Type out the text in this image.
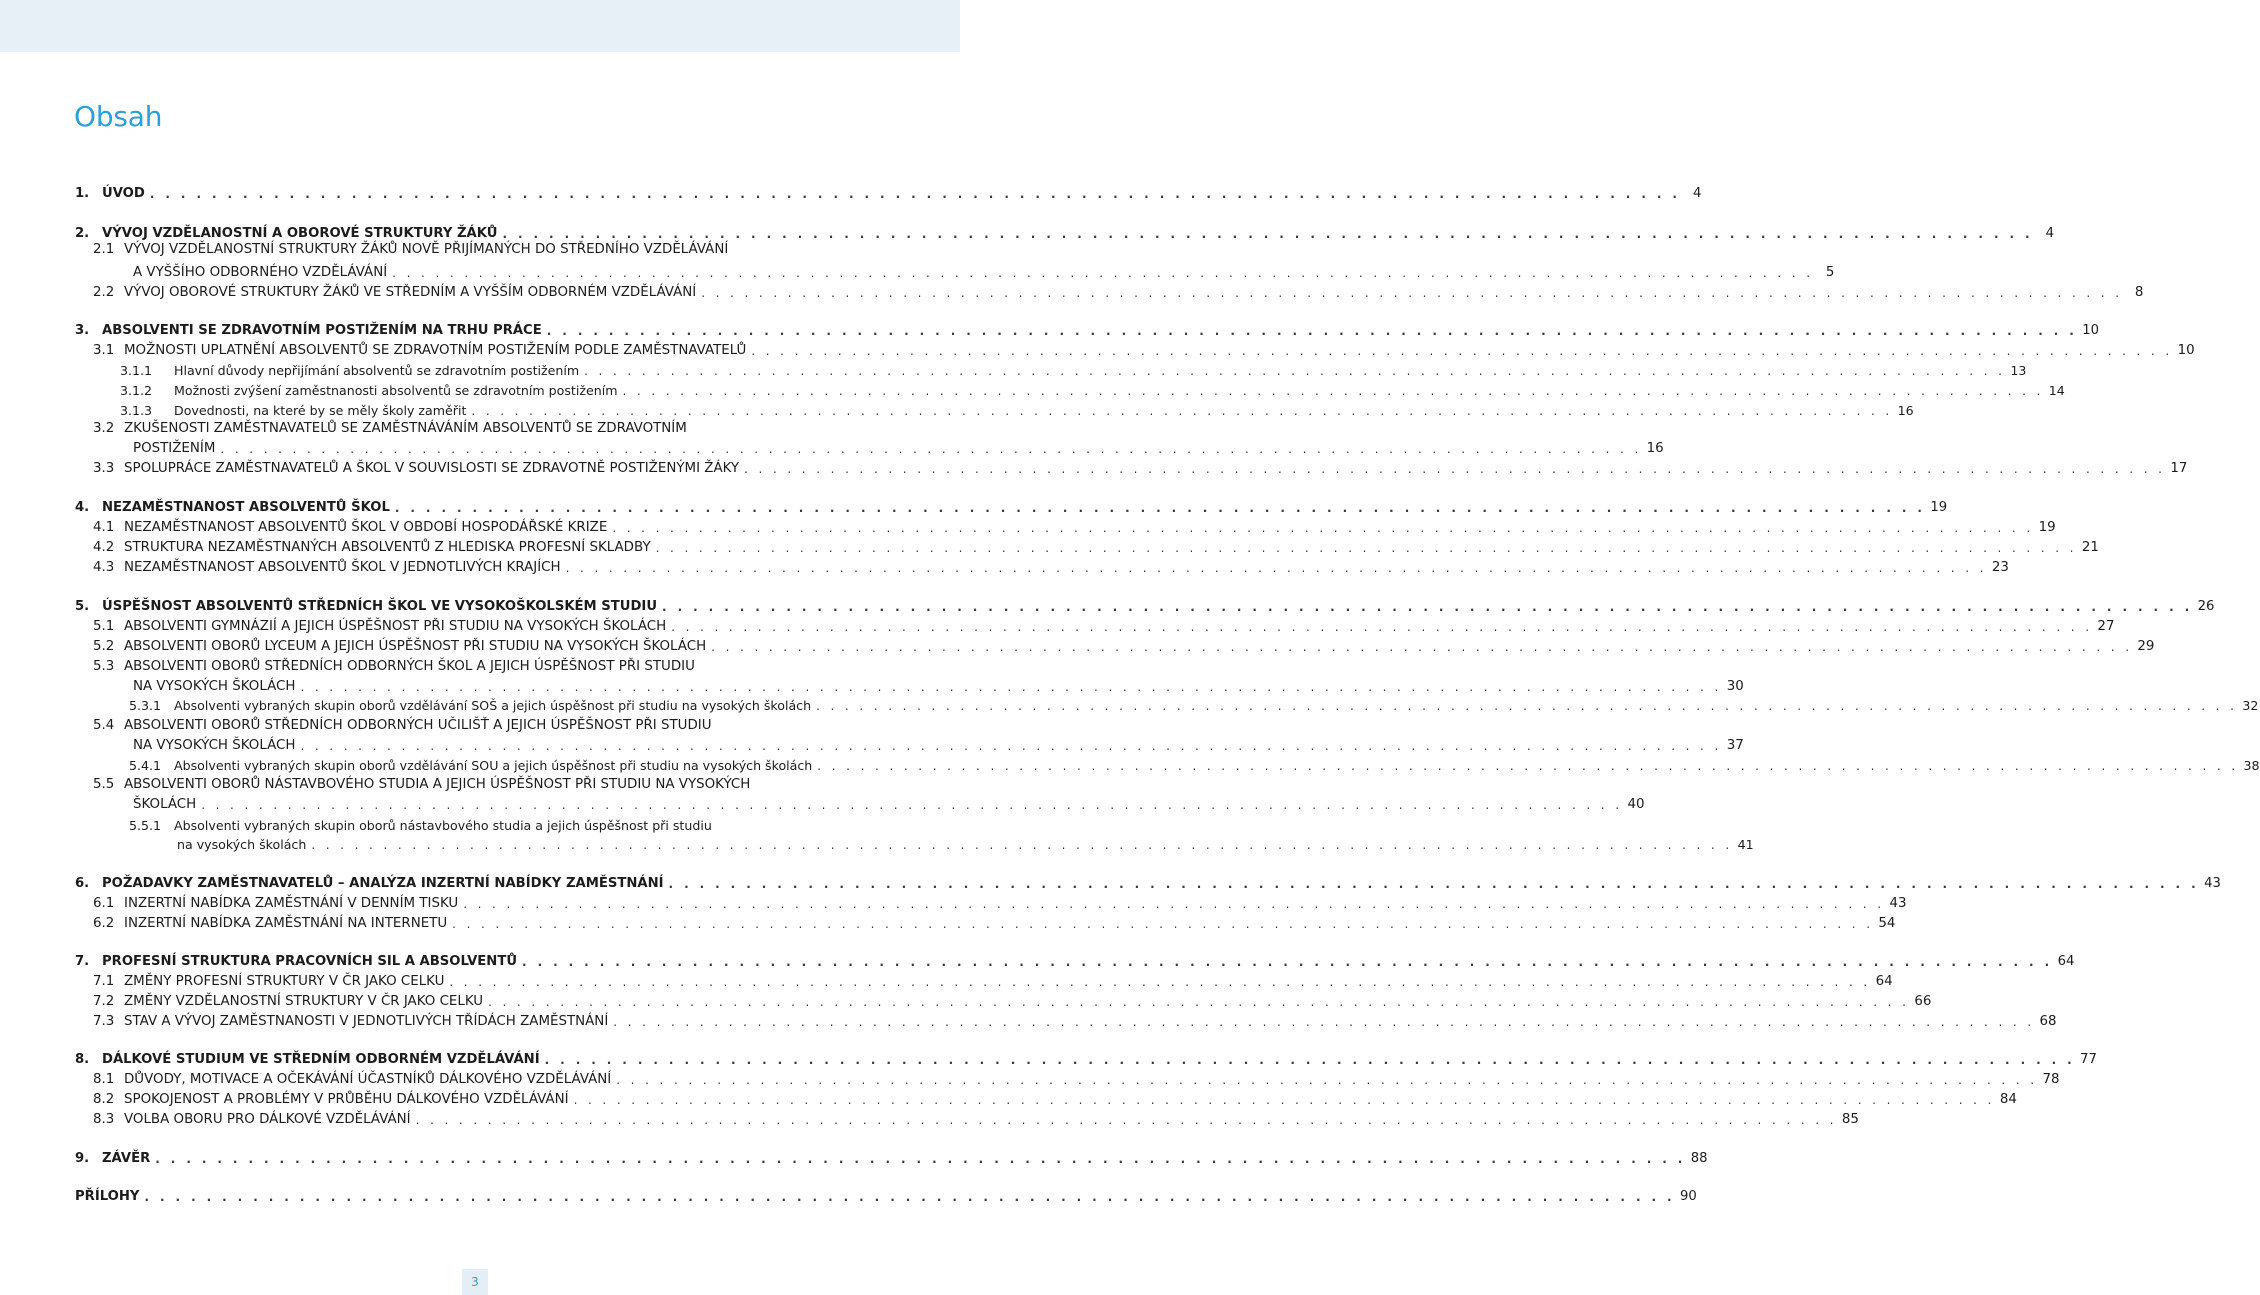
Obsah
1. ÚVOD . . . . . . . . . . . . . . . . . . . . . . . . . . . . . . . . . . . . . . . . . . . . . . . . . . . . . . . . . . . . . . . . . . . . . . . . . . . . . . . . . . . . . . . . . . . . . . . . . . . 4
2. VÝVOJ VZDĚLANOSTNÍ A OBOROVÉ STRUKTURY ŽÁKŮ . . . . . . . . . . . . . . . . . . . . . . . . . . . . . . . . . . . . . . . . . . . . . . . . . . . . . . . . . . . . . . . . . . . . . . . . . . . . . . . . . . . . . . . . . . . . . . . . . . . 4
2.1 VÝVOJ VZDĚLANOSTNÍ STRUKTURY ŽÁKŮ NOVĚ PŘIJÍMANÝCH DO STŘEDNÍHO VZDĚLÁVÁNÍ
A VYŠŠÍHO ODBORNÉHO VZDĚLÁVÁNÍ . . . . . . . . . . . . . . . . . . . . . . . . . . . . . . . . . . . . . . . . . . . . . . . . . . . . . . . . . . . . . . . . . . . . . . . . . . . . . . . . . . . . . . . . . . . . . . . . . . . 5
2.2 VÝVOJ OBOROVÉ STRUKTURY ŽÁKŮ VE STŘEDNÍM A VYŠŠÍM ODBORNÉM VZDĚLÁVÁNÍ . . . . . . . . . . . . . . . . . . . . . . . . . . . . . . . . . . . . . . . . . . . . . . . . . . . . . . . . . . . . . . . . . . . . . . . . . . . . . . . . . . . . . . . . . . . . . . . . . . . 8
3. ABSOLVENTI SE ZDRAVOTNÍM POSTIŽENÍM NA TRHU PRÁCE . . . . . . . . . . . . . . . . . . . . . . . . . . . . . . . . . . . . . . . . . . . . . . . . . . . . . . . . . . . . . . . . . . . . . . . . . . . . . . . . . . . . . . . . . . . . . . . . . . . 10
3.1 MOŽNOSTI UPLATNĚNÍ ABSOLVENTŮ SE ZDRAVOTNÍM POSTIŽENÍM PODLE ZAMĚSTNAVATELŮ . . . . . . . . . . . . . . . . . . . . . . . . . . . . . . . . . . . . . . . . . . . . . . . . . . . . . . . . . . . . . . . . . . . . . . . . . . . . . . . . . . . . . . . . . . . . . . . . . . . 10
3.1.1	Hlavní důvody nepřijímání absolventů se zdravotním postižením . . . . . . . . . . . . . . . . . . . . . . . . . . . . . . . . . . . . . . . . . . . . . . . . . . . . . . . . . . . . . . . . . . . . . . . . . . . . . . . . . . . . . . . . . . . . . . . . . . . 13
3.1.2	Možnosti zvýšení zaměstnanosti absolventů se zdravotním postižením . . . . . . . . . . . . . . . . . . . . . . . . . . . . . . . . . . . . . . . . . . . . . . . . . . . . . . . . . . . . . . . . . . . . . . . . . . . . . . . . . . . . . . . . . . . . . . . . . . . 14
3.1.3	Dovednosti, na které by se měly školy zaměřit . . . . . . . . . . . . . . . . . . . . . . . . . . . . . . . . . . . . . . . . . . . . . . . . . . . . . . . . . . . . . . . . . . . . . . . . . . . . . . . . . . . . . . . . . . . . . . . . . . . 16
3.2 ZKUŠENOSTI ZAMĚSTNAVATELŮ SE ZAMĚSTNÁVÁNÍM ABSOLVENTŮ SE ZDRAVOTNÍM
POSTIŽENÍM . . . . . . . . . . . . . . . . . . . . . . . . . . . . . . . . . . . . . . . . . . . . . . . . . . . . . . . . . . . . . . . . . . . . . . . . . . . . . . . . . . . . . . . . . . . . . . . . . . . 16
3.3 SPOLUPRÁCE ZAMĚSTNAVATELŮ A ŠKOL V SOUVISLOSTI SE ZDRAVOTNĚ POSTIŽENÝMI ŽÁKY . . . . . . . . . . . . . . . . . . . . . . . . . . . . . . . . . . . . . . . . . . . . . . . . . . . . . . . . . . . . . . . . . . . . . . . . . . . . . . . . . . . . . . . . . . . . . . . . . . . 17
4. NEZAMĚSTNANOST ABSOLVENTŮ ŠKOL . . . . . . . . . . . . . . . . . . . . . . . . . . . . . . . . . . . . . . . . . . . . . . . . . . . . . . . . . . . . . . . . . . . . . . . . . . . . . . . . . . . . . . . . . . . . . . . . . . . 19
4.1 NEZAMĚSTNANOST ABSOLVENTŮ ŠKOL V OBDOBÍ HOSPODÁŘSKÉ KRIZE . . . . . . . . . . . . . . . . . . . . . . . . . . . . . . . . . . . . . . . . . . . . . . . . . . . . . . . . . . . . . . . . . . . . . . . . . . . . . . . . . . . . . . . . . . . . . . . . . . . 19
4.2 STRUKTURA NEZAMĚSTNANÝCH ABSOLVENTŮ Z HLEDISKA PROFESNÍ SKLADBY . . . . . . . . . . . . . . . . . . . . . . . . . . . . . . . . . . . . . . . . . . . . . . . . . . . . . . . . . . . . . . . . . . . . . . . . . . . . . . . . . . . . . . . . . . . . . . . . . . . 21
4.3 NEZAMĚSTNANOST ABSOLVENTŮ ŠKOL V JEDNOTLIVÝCH KRAJÍCH . . . . . . . . . . . . . . . . . . . . . . . . . . . . . . . . . . . . . . . . . . . . . . . . . . . . . . . . . . . . . . . . . . . . . . . . . . . . . . . . . . . . . . . . . . . . . . . . . . . 23
5. ÚSPĚŠNOST ABSOLVENTŮ STŘEDNÍCH ŠKOL VE VYSOKOŠKOLSKÉM STUDIU . . . . . . . . . . . . . . . . . . . . . . . . . . . . . . . . . . . . . . . . . . . . . . . . . . . . . . . . . . . . . . . . . . . . . . . . . . . . . . . . . . . . . . . . . . . . . . . . . . . 26
5.1 ABSOLVENTI GYMNÁZIÍ A JEJICH ÚSPĚŠNOST PŘI STUDIU NA VYSOKÝCH ŠKOLÁCH . . . . . . . . . . . . . . . . . . . . . . . . . . . . . . . . . . . . . . . . . . . . . . . . . . . . . . . . . . . . . . . . . . . . . . . . . . . . . . . . . . . . . . . . . . . . . . . . . . . 27
5.2 ABSOLVENTI OBORŮ LYCEUM A JEJICH ÚSPĚŠNOST PŘI STUDIU NA VYSOKÝCH ŠKOLÁCH . . . . . . . . . . . . . . . . . . . . . . . . . . . . . . . . . . . . . . . . . . . . . . . . . . . . . . . . . . . . . . . . . . . . . . . . . . . . . . . . . . . . . . . . . . . . . . . . . . . 29
5.3 ABSOLVENTI OBORŮ STŘEDNÍCH ODBORNÝCH ŠKOL A JEJICH ÚSPĚŠNOST PŘI STUDIU
NA VYSOKÝCH ŠKOLÁCH . . . . . . . . . . . . . . . . . . . . . . . . . . . . . . . . . . . . . . . . . . . . . . . . . . . . . . . . . . . . . . . . . . . . . . . . . . . . . . . . . . . . . . . . . . . . . . . . . . . 30
5.3.1	Absolventi vybraných skupin oborů vzdělávání SOŠ a jejich úspěšnost při studiu na vysokých školách . . . . . . . . . . . . . . . . . . . . . . . . . . . . . . . . . . . . . . . . . . . . . . . . . . . . . . . . . . . . . . . . . . . . . . . . . . . . . . . . . . . . . . . . . . . . . . . . . . . 32
5.4 ABSOLVENTI OBORŮ STŘEDNÍCH ODBORNÝCH UČILIŠŤ A JEJICH ÚSPĚŠNOST PŘI STUDIU
NA VYSOKÝCH ŠKOLÁCH . . . . . . . . . . . . . . . . . . . . . . . . . . . . . . . . . . . . . . . . . . . . . . . . . . . . . . . . . . . . . . . . . . . . . . . . . . . . . . . . . . . . . . . . . . . . . . . . . . . 37
5.4.1	Absolventi vybraných skupin oborů vzdělávání SOU a jejich úspěšnost při studiu na vysokých školách . . . . . . . . . . . . . . . . . . . . . . . . . . . . . . . . . . . . . . . . . . . . . . . . . . . . . . . . . . . . . . . . . . . . . . . . . . . . . . . . . . . . . . . . . . . . . . . . . . . 38
5.5 ABSOLVENTI OBORŮ NÁSTAVBOVÉHO STUDIA A JEJICH ÚSPĚŠNOST PŘI STUDIU NA VYSOKÝCH
ŠKOLÁCH . . . . . . . . . . . . . . . . . . . . . . . . . . . . . . . . . . . . . . . . . . . . . . . . . . . . . . . . . . . . . . . . . . . . . . . . . . . . . . . . . . . . . . . . . . . . . . . . . . . 40
5.5.1	Absolventi vybraných skupin oborů nástavbového studia a jejich úspěšnost při studiu
na vysokých školách . . . . . . . . . . . . . . . . . . . . . . . . . . . . . . . . . . . . . . . . . . . . . . . . . . . . . . . . . . . . . . . . . . . . . . . . . . . . . . . . . . . . . . . . . . . . . . . . . . . 41
6. POŽADAVKY ZAMĚSTNAVATELŮ – ANALÝZA INZERTNÍ NABÍDKY ZAMĚSTNÁNÍ . . . . . . . . . . . . . . . . . . . . . . . . . . . . . . . . . . . . . . . . . . . . . . . . . . . . . . . . . . . . . . . . . . . . . . . . . . . . . . . . . . . . . . . . . . . . . . . . . . . 43
6.1 INZERTNÍ NABÍDKA ZAMĚSTNÁNÍ V DENNÍM TISKU . . . . . . . . . . . . . . . . . . . . . . . . . . . . . . . . . . . . . . . . . . . . . . . . . . . . . . . . . . . . . . . . . . . . . . . . . . . . . . . . . . . . . . . . . . . . . . . . . . . 43
6.2 INZERTNÍ NABÍDKA ZAMĚSTNÁNÍ NA INTERNETU . . . . . . . . . . . . . . . . . . . . . . . . . . . . . . . . . . . . . . . . . . . . . . . . . . . . . . . . . . . . . . . . . . . . . . . . . . . . . . . . . . . . . . . . . . . . . . . . . . . 54
7. PROFESNÍ STRUKTURA PRACOVNÍCH SIL A ABSOLVENTŮ . . . . . . . . . . . . . . . . . . . . . . . . . . . . . . . . . . . . . . . . . . . . . . . . . . . . . . . . . . . . . . . . . . . . . . . . . . . . . . . . . . . . . . . . . . . . . . . . . . . 64
7.1 ZMĚNY PROFESNÍ STRUKTURY V ČR JAKO CELKU . . . . . . . . . . . . . . . . . . . . . . . . . . . . . . . . . . . . . . . . . . . . . . . . . . . . . . . . . . . . . . . . . . . . . . . . . . . . . . . . . . . . . . . . . . . . . . . . . . . 64
7.2 ZMĚNY VZDĚLANOSTNÍ STRUKTURY V ČR JAKO CELKU . . . . . . . . . . . . . . . . . . . . . . . . . . . . . . . . . . . . . . . . . . . . . . . . . . . . . . . . . . . . . . . . . . . . . . . . . . . . . . . . . . . . . . . . . . . . . . . . . . . 66
7.3 STAV A VÝVOJ ZAMĚSTNANOSTI V JEDNOTLIVÝCH TŘÍDÁCH ZAMĚSTNÁNÍ . . . . . . . . . . . . . . . . . . . . . . . . . . . . . . . . . . . . . . . . . . . . . . . . . . . . . . . . . . . . . . . . . . . . . . . . . . . . . . . . . . . . . . . . . . . . . . . . . . . 68
8. DÁLKOVÉ STUDIUM VE STŘEDNÍM ODBORNÉM VZDĚLÁVÁNÍ . . . . . . . . . . . . . . . . . . . . . . . . . . . . . . . . . . . . . . . . . . . . . . . . . . . . . . . . . . . . . . . . . . . . . . . . . . . . . . . . . . . . . . . . . . . . . . . . . . . 77
8.1 DŮVODY, MOTIVACE A OČEKÁVÁNÍ ÚČASTNÍKŮ DÁLKOVÉHO VZDĚLÁVÁNÍ . . . . . . . . . . . . . . . . . . . . . . . . . . . . . . . . . . . . . . . . . . . . . . . . . . . . . . . . . . . . . . . . . . . . . . . . . . . . . . . . . . . . . . . . . . . . . . . . . . . 78
8.2 SPOKOJENOST A PROBLÉMY V PRŮBĚHU DÁLKOVÉHO VZDĚLÁVÁNÍ . . . . . . . . . . . . . . . . . . . . . . . . . . . . . . . . . . . . . . . . . . . . . . . . . . . . . . . . . . . . . . . . . . . . . . . . . . . . . . . . . . . . . . . . . . . . . . . . . . . 84
8.3 VOLBA OBORU PRO DÁLKOVÉ VZDĚLÁVÁNÍ . . . . . . . . . . . . . . . . . . . . . . . . . . . . . . . . . . . . . . . . . . . . . . . . . . . . . . . . . . . . . . . . . . . . . . . . . . . . . . . . . . . . . . . . . . . . . . . . . . . 85
9. ZÁVĚR . . . . . . . . . . . . . . . . . . . . . . . . . . . . . . . . . . . . . . . . . . . . . . . . . . . . . . . . . . . . . . . . . . . . . . . . . . . . . . . . . . . . . . . . . . . . . . . . . . . 88
PŘÍLOHY . . . . . . . . . . . . . . . . . . . . . . . . . . . . . . . . . . . . . . . . . . . . . . . . . . . . . . . . . . . . . . . . . . . . . . . . . . . . . . . . . . . . . . . . . . . . . . . . . . . 90
3
